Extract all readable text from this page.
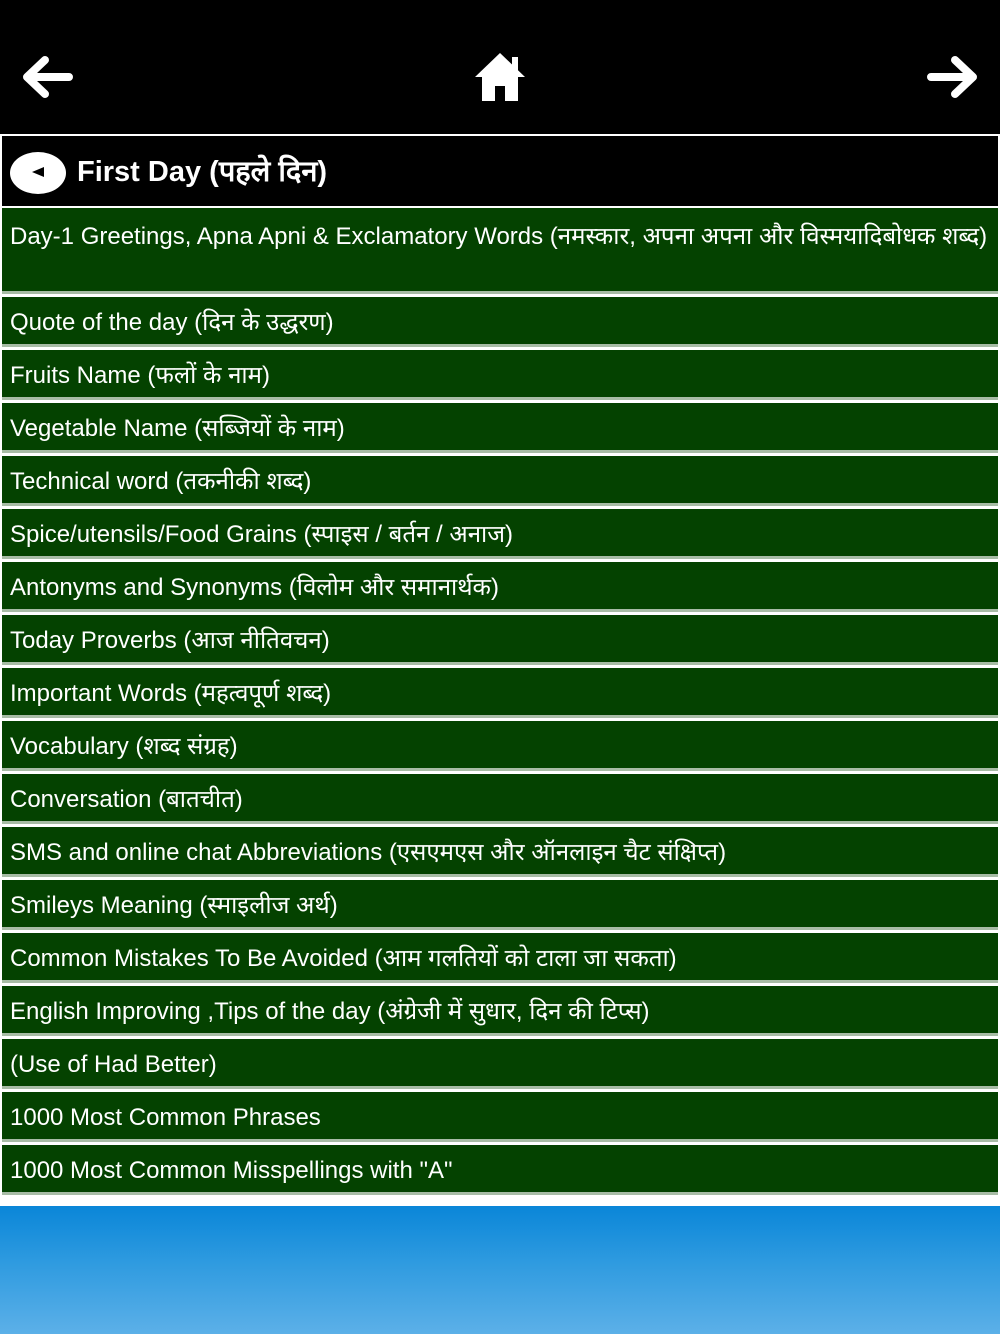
First Day (पहले दिन)
Day-1 Greetings, Apna Apni & Exclamatory Words (नमस्कार, अपना अपना और विस्मयादिबोधक शब्द)
Quote of the day (दिन के उद्धरण)
Fruits Name (फलों के नाम)
Vegetable Name (सब्जियों के नाम)
Technical word (तकनीकी शब्द)
Spice/utensils/Food Grains (स्पाइस / बर्तन / अनाज)
Antonyms and Synonyms (विलोम और समानार्थक)
Today Proverbs (आज नीतिवचन)
Important Words (महत्वपूर्ण शब्द)
Vocabulary (शब्द संग्रह)
Conversation (बातचीत)
SMS and online chat Abbreviations (एसएमएस और ऑनलाइन चैट संक्षिप्त)
Smileys Meaning (स्माइलीज अर्थ)
Common Mistakes To Be Avoided (आम गलतियों को टाला जा सकता)
English Improving ,Tips of the day (अंग्रेजी में सुधार, दिन की टिप्स)
(Use of Had Better)
1000 Most Common Phrases
1000 Most Common Misspellings with "A"
